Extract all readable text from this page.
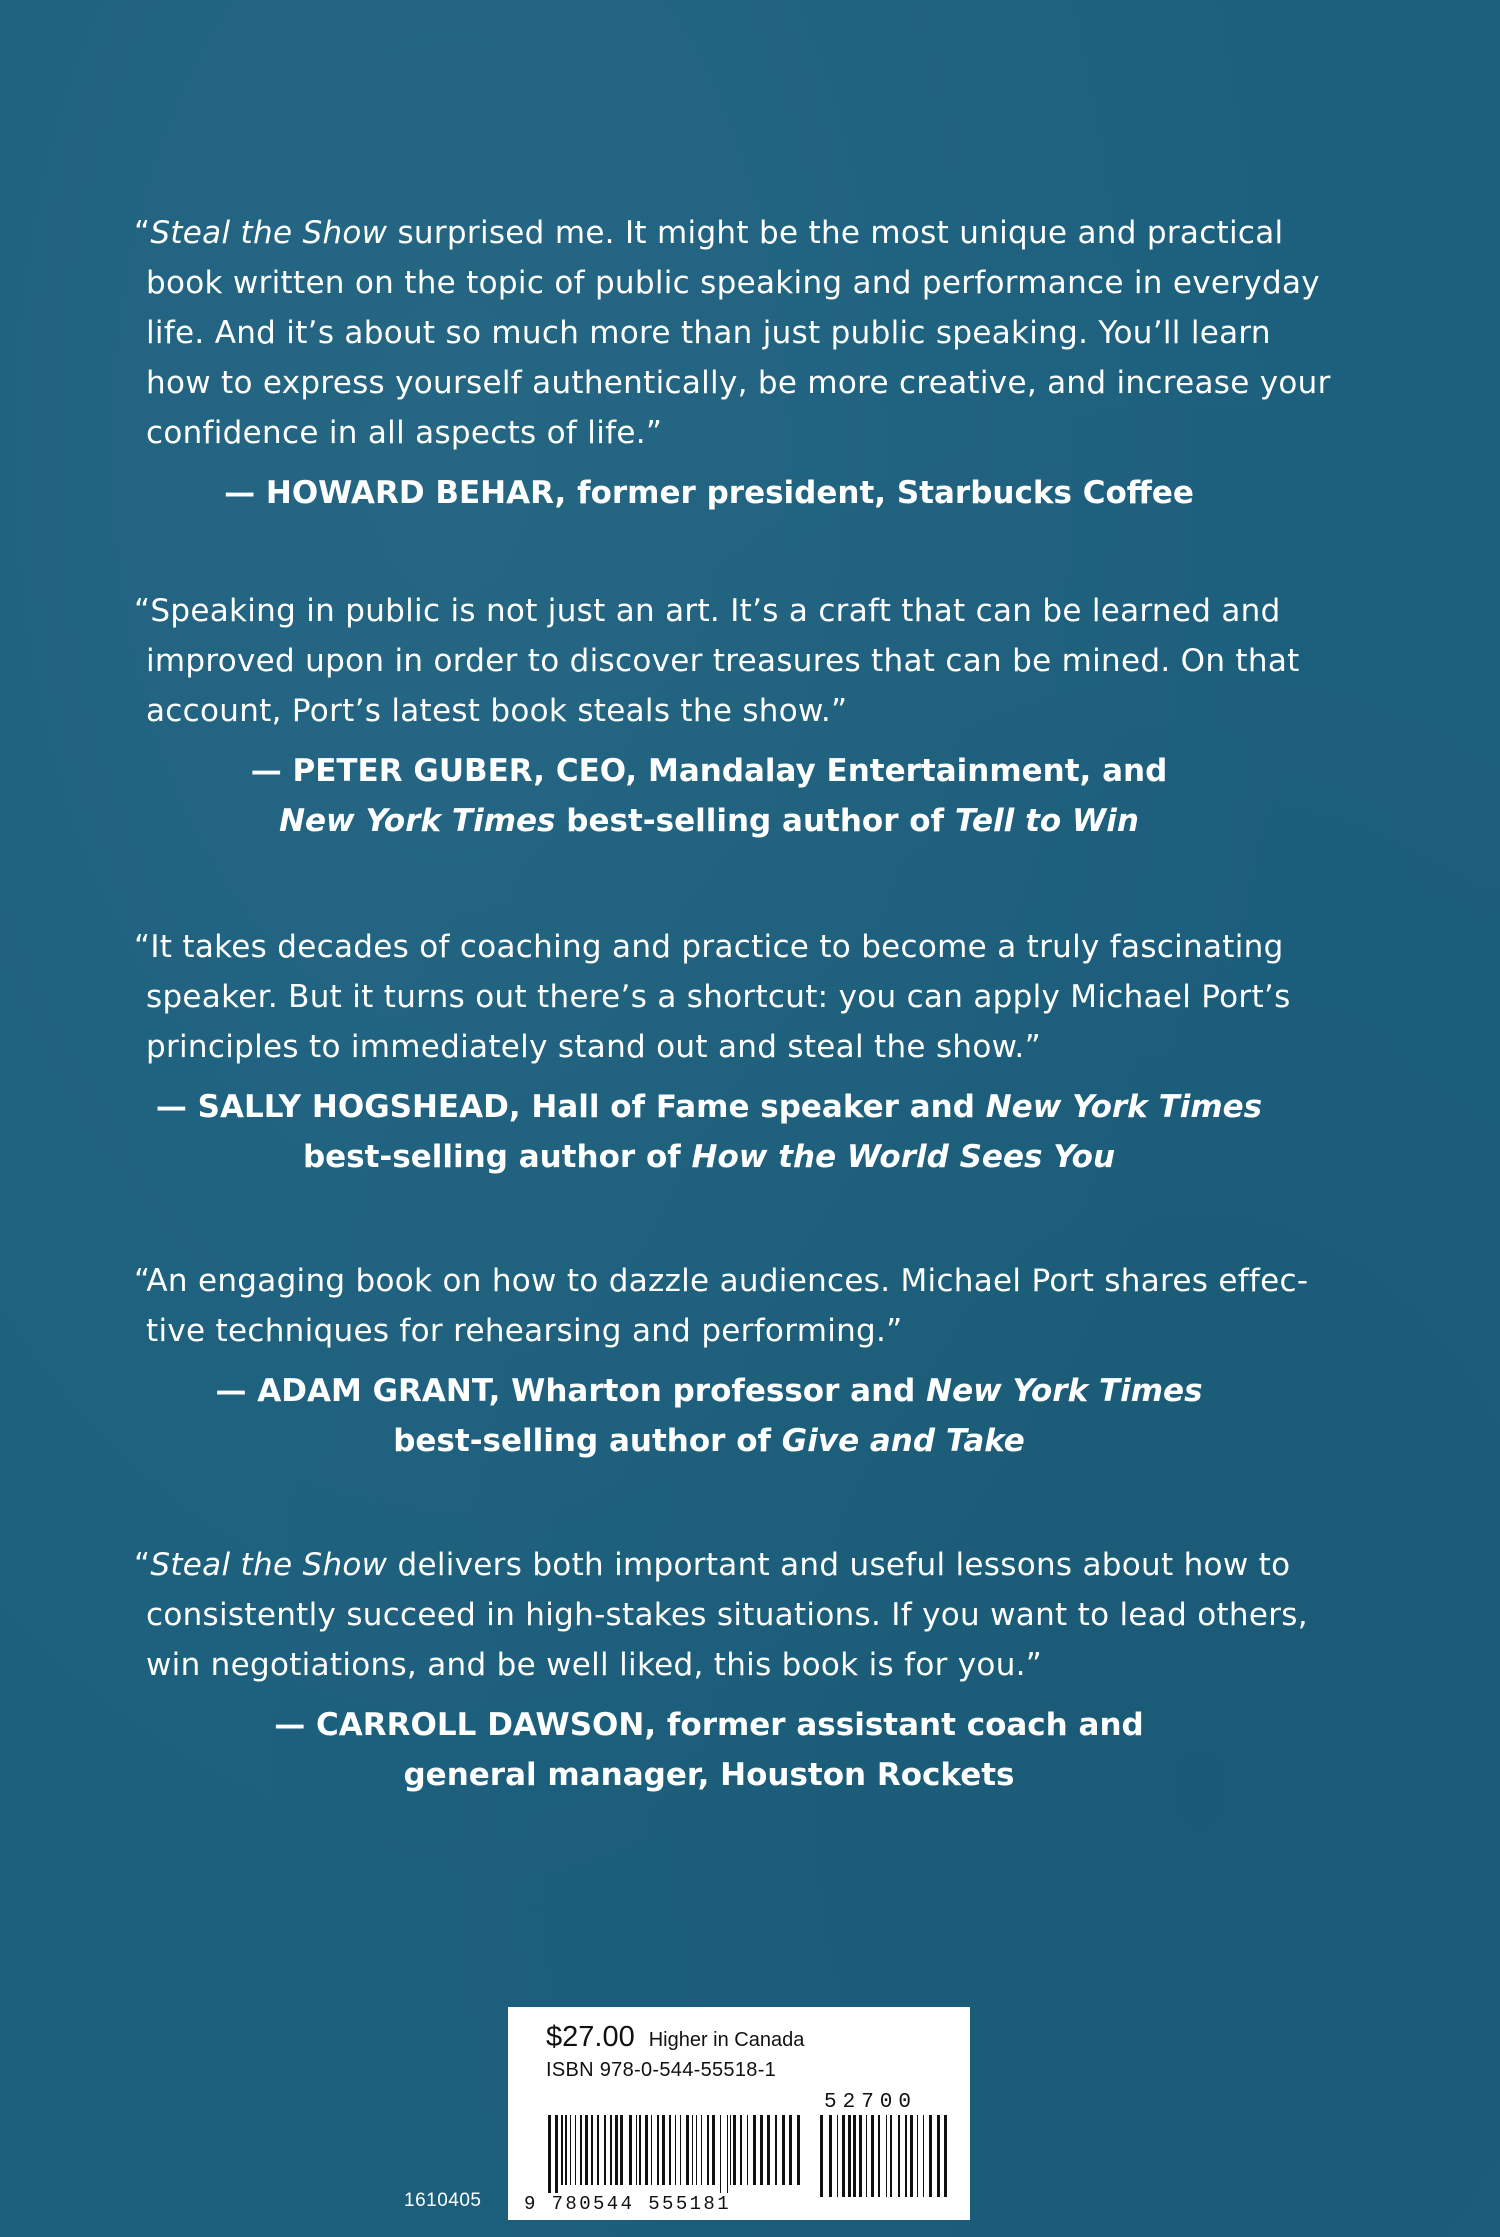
“Steal the Show surprised me. It might be the most unique and practical book written on the topic of public speaking and performance in everyday life. And it’s about so much more than just public speaking. You’ll learn how to express yourself authentically, be more creative, and increase your confidence in all aspects of life.”

— HOWARD BEHAR, former president, Starbucks Coffee

“Speaking in public is not just an art. It’s a craft that can be learned and improved upon in order to discover treasures that can be mined. On that account, Port’s latest book steals the show.”

— PETER GUBER, CEO, Mandalay Entertainment, and
New York Times best-selling author of Tell to Win

“It takes decades of coaching and practice to become a truly fascinating speaker. But it turns out there’s a shortcut: you can apply Michael Port’s principles to immediately stand out and steal the show.”

— SALLY HOGSHEAD, Hall of Fame speaker and New York Times
best-selling author of How the World Sees You

“An engaging book on how to dazzle audiences. Michael Port shares effec- tive techniques for rehearsing and performing.”

— ADAM GRANT, Wharton professor and New York Times
best-selling author of Give and Take

“Steal the Show delivers both important and useful lessons about how to consistently succeed in high-stakes situations. If you want to lead others, win negotiations, and be well liked, this book is for you.”

— CARROLL DAWSON, former assistant coach and
general manager, Houston Rockets

$27.00 Higher in Canada
ISBN 978-0-544-55518-1
52700
9 780544 555181
1610405
